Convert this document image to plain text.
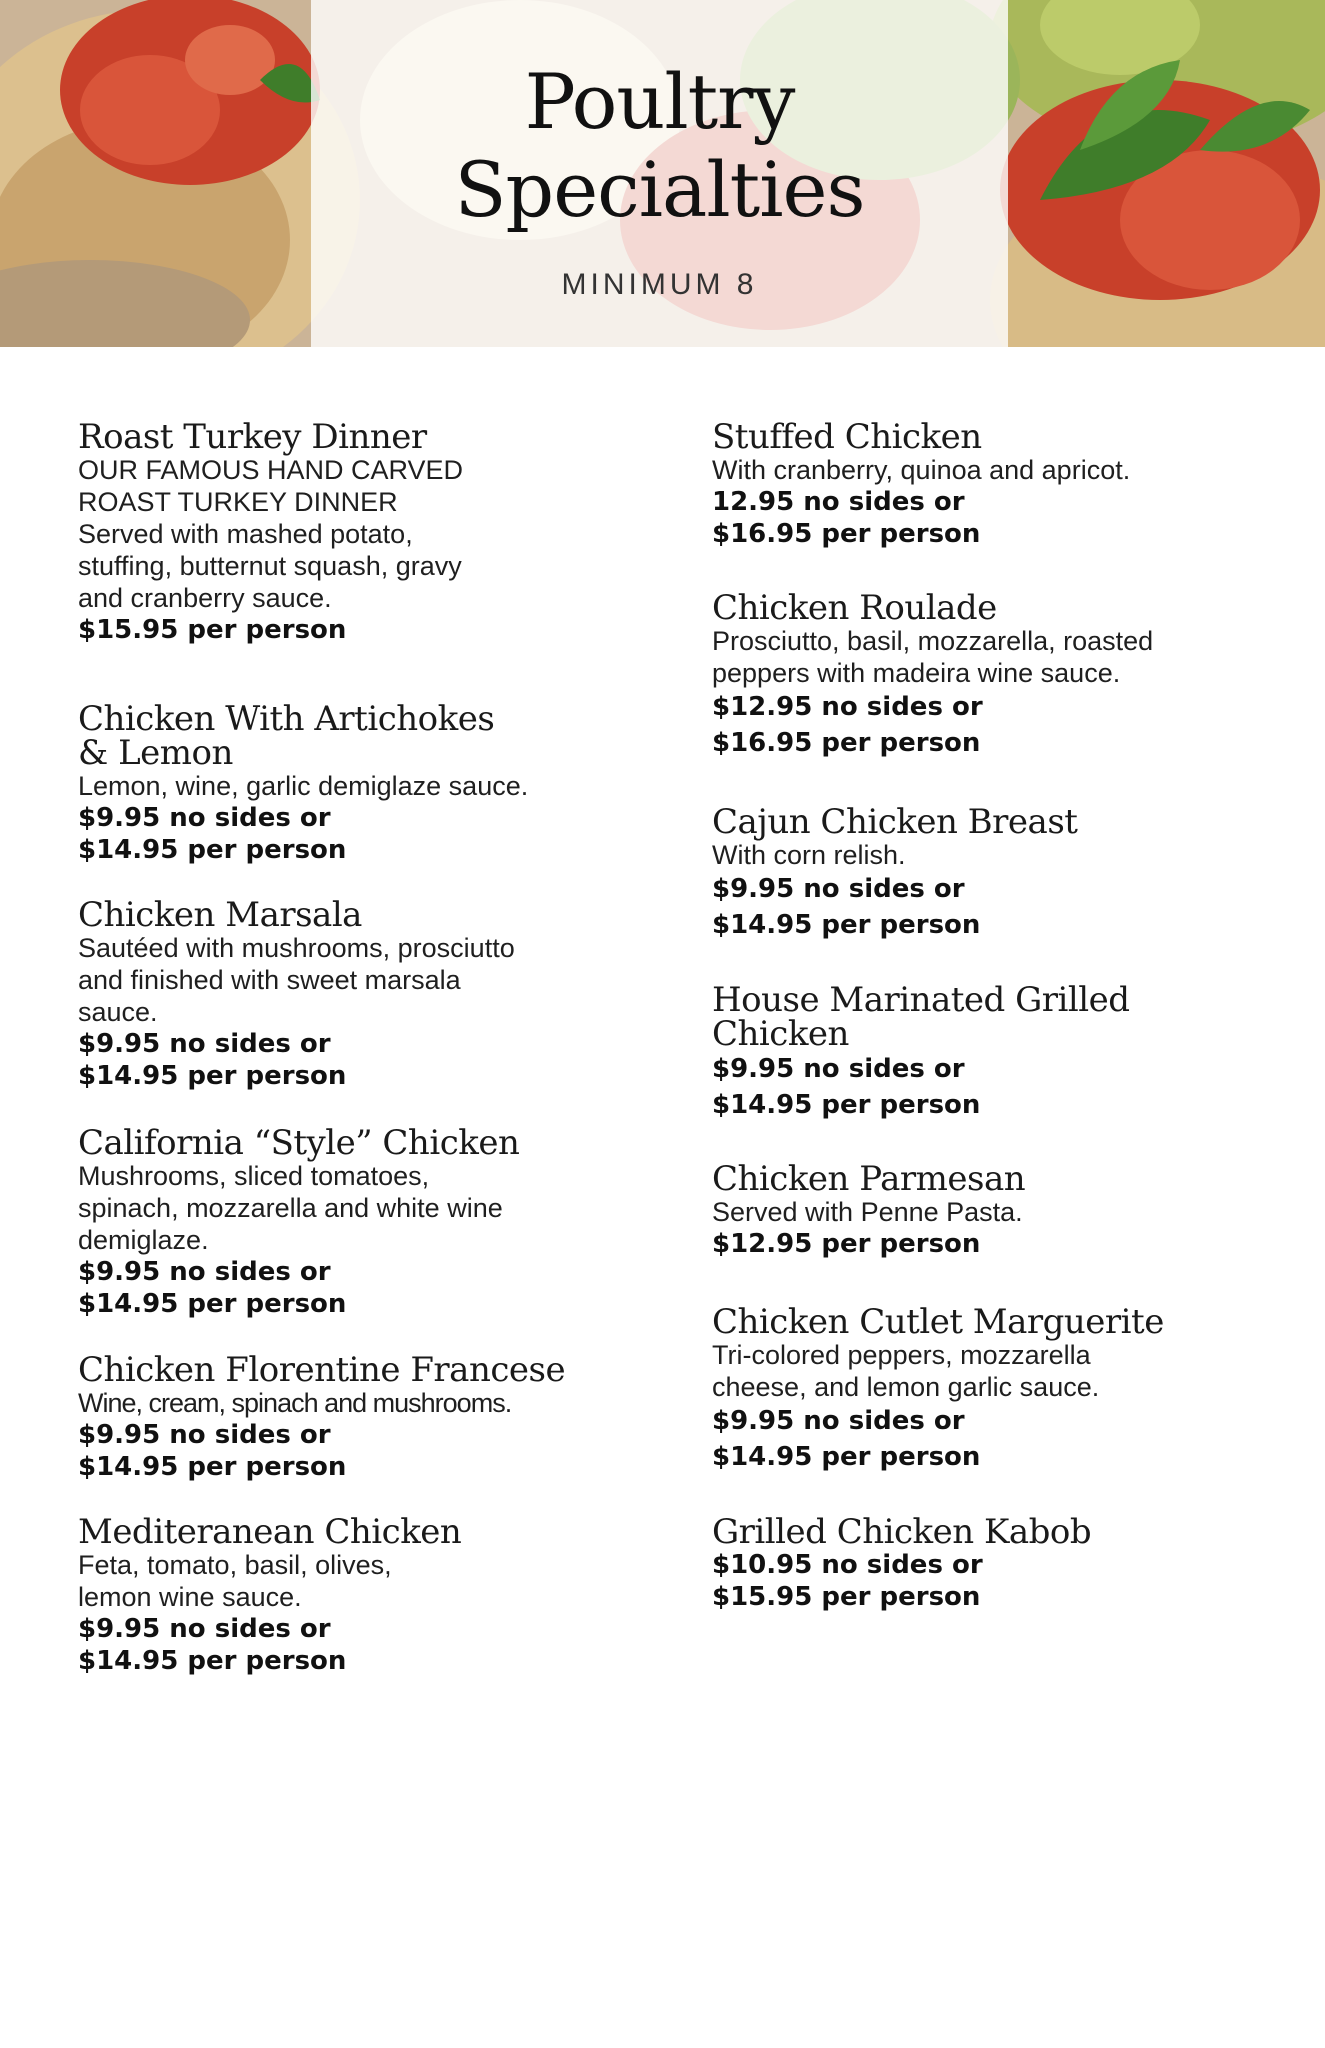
Poultry
Specialties
MINIMUM 8
Roast Turkey Dinner
OUR FAMOUS HAND CARVED
ROAST TURKEY DINNER
Served with mashed potato,
stuffing, butternut squash, gravy
and cranberry sauce.
$15.95 per person
Chicken With Artichokes
& Lemon
Lemon, wine, garlic demiglaze sauce.
$9.95 no sides or
$14.95 per person
Chicken Marsala
Sautéed with mushrooms, prosciutto
and finished with sweet marsala
sauce.
$9.95 no sides or
$14.95 per person
California “Style” Chicken
Mushrooms, sliced tomatoes,
spinach, mozzarella and white wine
demiglaze.
$9.95 no sides or
$14.95 per person
Chicken Florentine Francese
Wine, cream, spinach and mushrooms.
$9.95 no sides or
$14.95 per person
Mediteranean Chicken
Feta, tomato, basil, olives,
lemon wine sauce.
$9.95 no sides or
$14.95 per person
Stuffed Chicken
With cranberry, quinoa and apricot.
12.95 no sides or
$16.95 per person
Chicken Roulade
Prosciutto, basil, mozzarella, roasted
peppers with madeira wine sauce.
$12.95 no sides or
$16.95 per person
Cajun Chicken Breast
With corn relish.
$9.95 no sides or
$14.95 per person
House Marinated Grilled
Chicken
$9.95 no sides or
$14.95 per person
Chicken Parmesan
Served with Penne Pasta.
$12.95 per person
Chicken Cutlet Marguerite
Tri-colored peppers, mozzarella
cheese, and lemon garlic sauce.
$9.95 no sides or
$14.95 per person
Grilled Chicken Kabob
$10.95 no sides or
$15.95 per person
